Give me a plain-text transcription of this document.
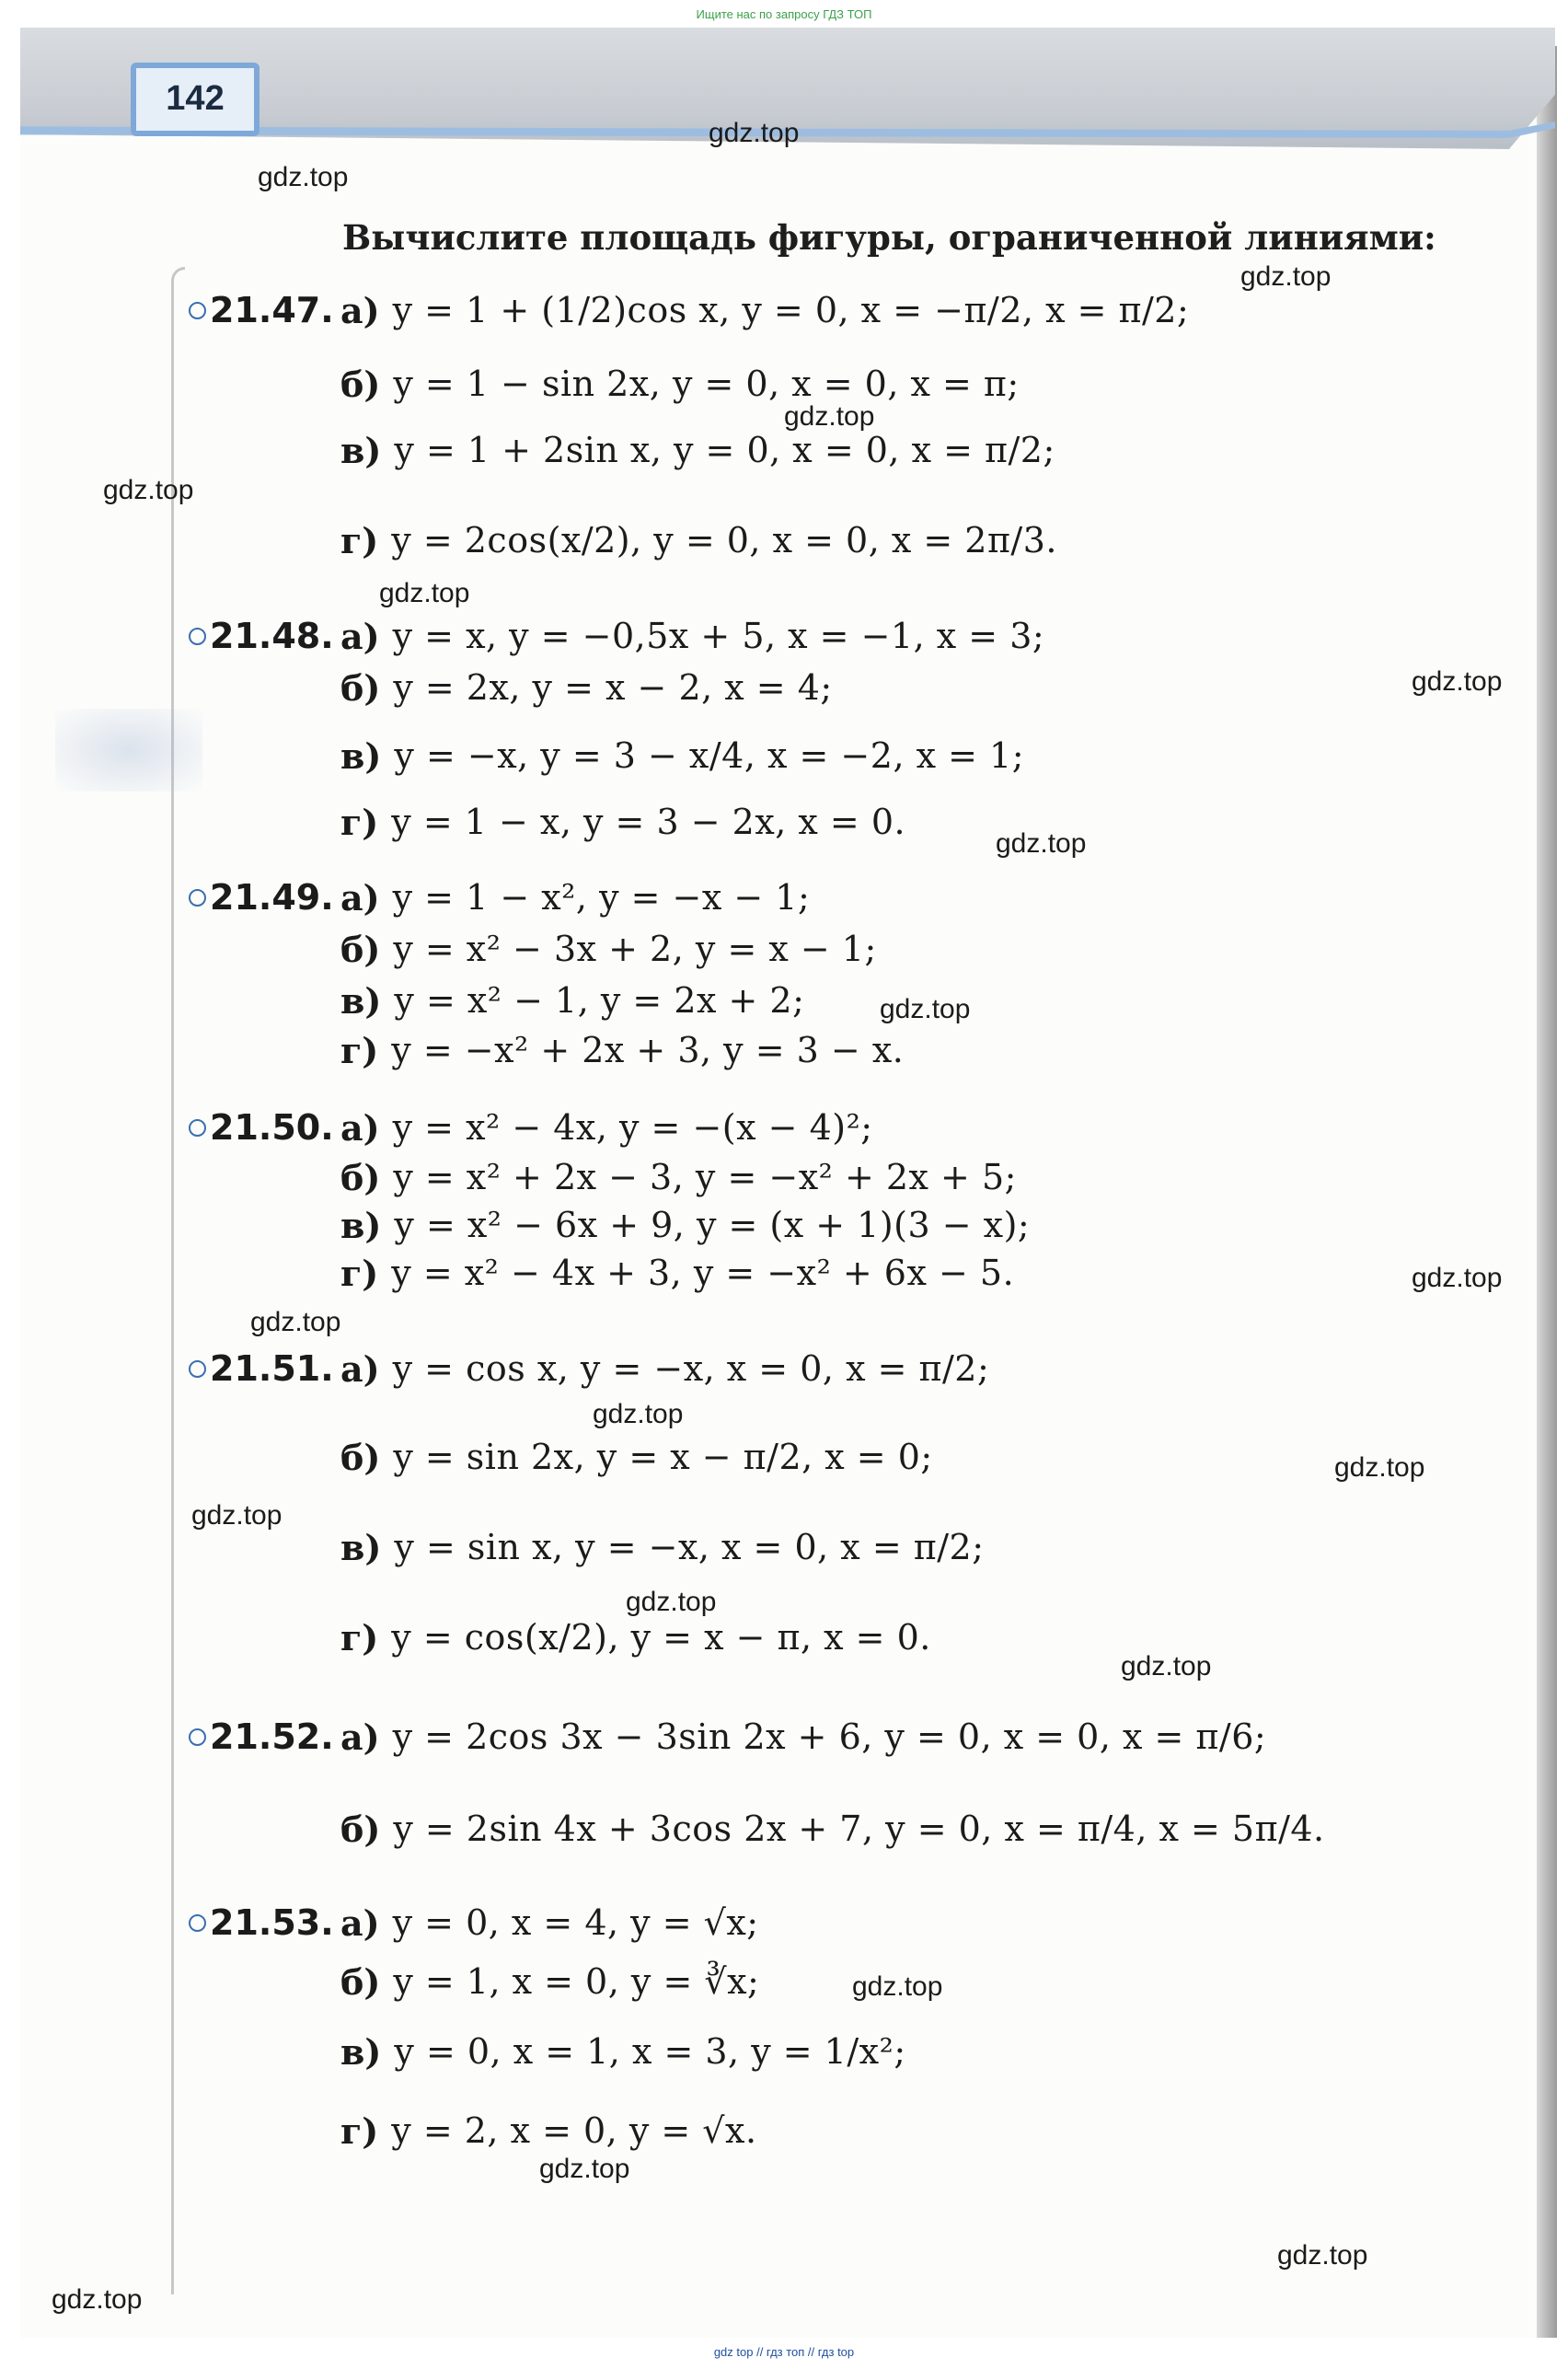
Ищите нас по запросу ГДЗ ТОП
142
gdz.top
gdz.top
gdz.top
gdz.top
gdz.top
gdz.top
gdz.top
gdz.top
gdz.top
gdz.top
gdz.top
gdz.top
gdz.top
gdz.top
gdz.top
gdz.top
gdz.top
gdz.top
gdz.top
gdz.top
Вычислите площадь фигуры, ограниченной линиями:
21.47. а) y = 1 + (1/2)cos x, y = 0, x = −π/2, x = π/2;
б) y = 1 − sin 2x, y = 0, x = 0, x = π;
в) y = 1 + 2sin x, y = 0, x = 0, x = π/2;
г) y = 2cos(x/2), y = 0, x = 0, x = 2π/3.
21.48. а) y = x, y = −0,5x + 5, x = −1, x = 3;
б) y = 2x, y = x − 2, x = 4;
в) y = −x, y = 3 − x/4, x = −2, x = 1;
г) y = 1 − x, y = 3 − 2x, x = 0.
21.49. а) y = 1 − x², y = −x − 1;
б) y = x² − 3x + 2, y = x − 1;
в) y = x² − 1, y = 2x + 2;
г) y = −x² + 2x + 3, y = 3 − x.
21.50. а) y = x² − 4x, y = −(x − 4)²;
б) y = x² + 2x − 3, y = −x² + 2x + 5;
в) y = x² − 6x + 9, y = (x + 1)(3 − x);
г) y = x² − 4x + 3, y = −x² + 6x − 5.
21.51. а) y = cos x, y = −x, x = 0, x = π/2;
б) y = sin 2x, y = x − π/2, x = 0;
в) y = sin x, y = −x, x = 0, x = π/2;
г) y = cos(x/2), y = x − π, x = 0.
21.52. а) y = 2cos 3x − 3sin 2x + 6, y = 0, x = 0, x = π/6;
б) y = 2sin 4x + 3cos 2x + 7, y = 0, x = π/4, x = 5π/4.
21.53. а) y = 0, x = 4, y = √x;
б) y = 1, x = 0, y = ∛x;
в) y = 0, x = 1, x = 3, y = 1/x²;
г) y = 2, x = 0, y = √x.
gdz top // гдз топ // гдз top
